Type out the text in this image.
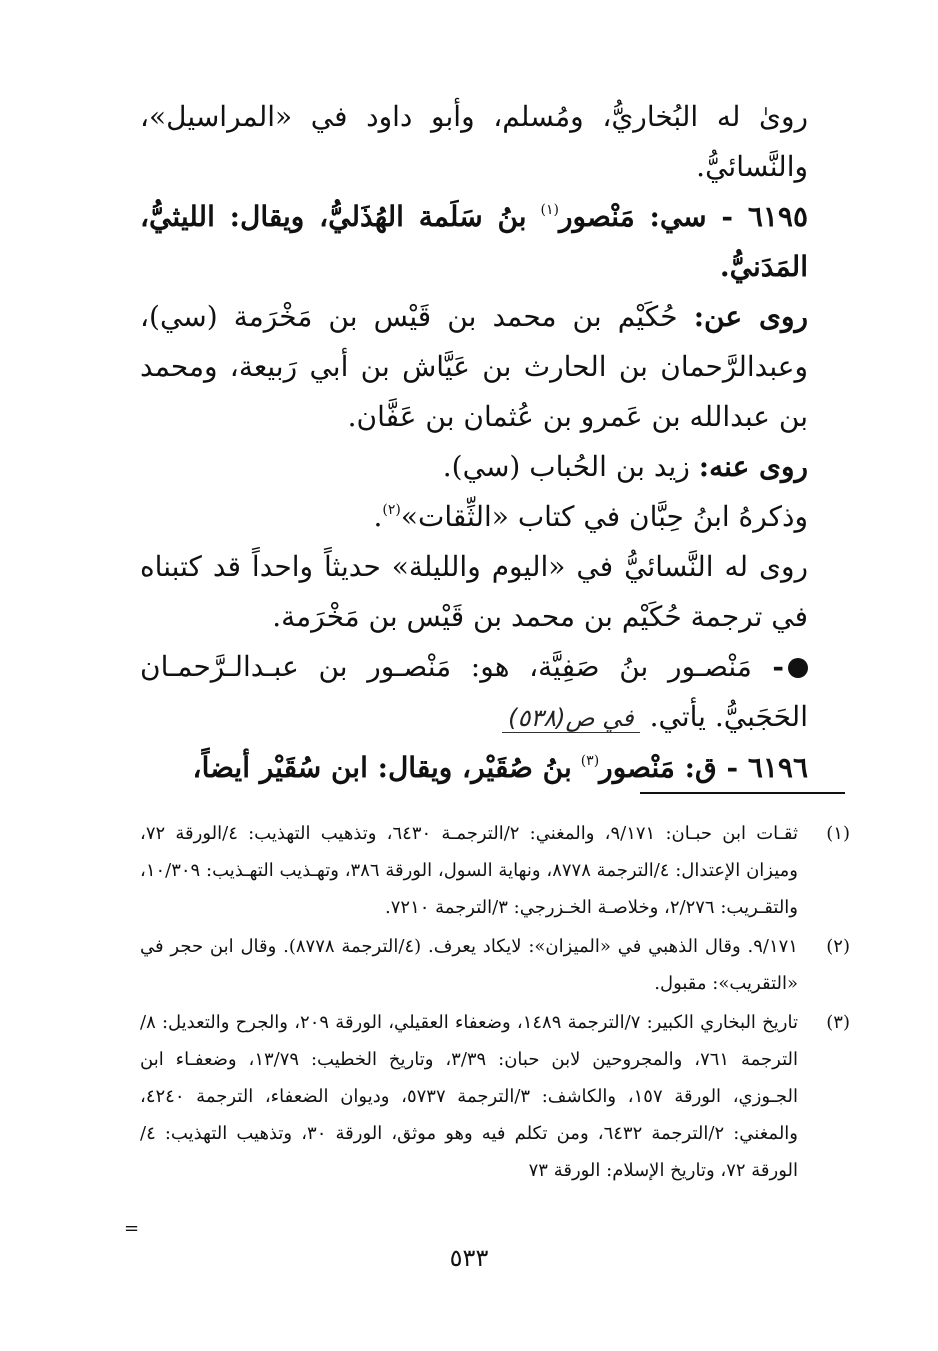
روىٰ له البُخاريُّ، ومُسلم، وأبو داود في «المراسيل»، والنَّسائيُّ.

٦١٩٥ - سي: مَنْصور$^{(١)}$ بنُ سَلَمة الهُذَليُّ، ويقال: الليثيُّ، المَدَنيُّ.

روى عن: حُكَيْم بن محمد بن قَيْس بن مَخْرَمة (سي)، وعبدالرَّحمان بن الحارث بن عَيَّاش بن أبي رَبيعة، ومحمد بن عبدالله بن عَمرو بن عُثمان بن عَفَّان.

روى عنه: زيد بن الحُباب (سي).

وذكرهُ ابنُ حِبَّان في كتاب «الثِّقات»$^{(٢)}$.

روى له النَّسائيُّ في «اليوم والليلة» حديثاً واحداً قد كتبناه في ترجمة حُكَيْم بن محمد بن قَيْس بن مَخْرَمة.

- مَنْصـور بنُ صَفِيَّة، هو: مَنْصـور بن عبـدالـرَّحمـان الحَجَبيُّ. يأتي.في ص(٥٣٨)

٦١٩٦ - ق: مَنْصور$^{(٣)}$ بنُ صُقَيْر، ويقال: ابن سُقَيْر أيضاً،

(١)
ثقـات ابن حبـان: ٩/١٧١، والمغني: ٢/الترجمـة ٦٤٣٠، وتذهيب التهذيب: ٤/الورقة ٧٢، وميزان الإعتدال: ٤/الترجمة ٨٧٧٨، ونهاية السول، الورقة ٣٨٦، وتهـذيب التهـذيب: ١٠/٣٠٩، والتقـريب: ٢/٢٧٦، وخلاصـة الخـزرجي: ٣/الترجمة ٧٢١٠.
(٢)
٩/١٧١. وقال الذهبي في «الميزان»: لايكاد يعرف. (٤/الترجمة ٨٧٧٨). وقال ابن حجر في «التقريب»: مقبول.
(٣)
تاريخ البخاري الكبير: ٧/الترجمة ١٤٨٩، وضعفاء العقيلي، الورقة ٢٠٩، والجرح والتعديل: ٨/الترجمة ٧٦١، والمجروحين لابن حبان: ٣/٣٩، وتاريخ الخطيب: ١٣/٧٩، وضعفـاء ابن الجـوزي، الورقة ١٥٧، والكاشف: ٣/الترجمة ٥٧٣٧، وديوان الضعفاء، الترجمة ٤٢٤٠، والمغني: ٢/الترجمة ٦٤٣٢، ومن تكلم فيه وهو موثق، الورقة ٣٠، وتذهيب التهذيب: ٤/الورقة ٧٢، وتاريخ الإسلام: الورقة ٧٣
=
٥٣٣
